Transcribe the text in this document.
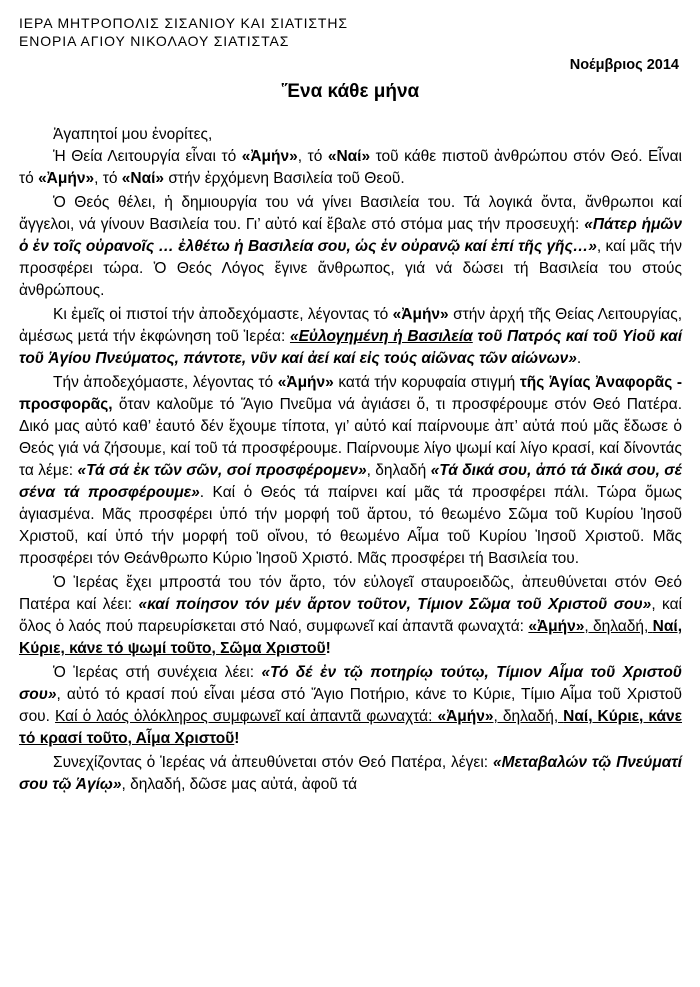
ΙΕΡΑ ΜΗΤΡΟΠΟΛΙΣ ΣΙΣΑΝΙΟΥ ΚΑΙ ΣΙΑΤΙΣΤΗΣ

ΕΝΟΡΙΑ ΑΓΙΟΥ ΝΙΚΟΛΑΟΥ ΣΙΑΤΙΣΤΑΣ

Νοέμβριος 2014
Ἕνα κάθε μήνα

Ἀγαπητοί μου ἐνορίτες,

Ἡ Θεία Λειτουργία εἶναι τό «Ἀμήν», τό «Ναί» τοῦ κάθε πιστοῦ ἀνθρώπου στόν Θεό. Εἶναι τό «Ἀμήν», τό «Ναί» στήν ἐρχόμενη Βασιλεία τοῦ Θεοῦ.

Ὁ Θεός θέλει, ἡ δημιουργία του νά γίνει Βασιλεία του. Τά λογικά ὄντα, ἄνθρωποι καί ἄγγελοι, νά γίνουν Βασιλεία του. Γι’ αὐτό καί ἔβαλε στό στόμα μας τήν προσευχή: «Πάτερ ἡμῶν ὁ ἐν τοῖς οὐρανοῖς … ἐλθέτω ἡ Βασιλεία σου, ὡς ἐν οὐρανῷ καί ἐπί τῆς γῆς…», καί μᾶς τήν προσφέρει τώρα. Ὁ Θεός Λόγος ἔγινε ἄνθρωπος, γιά νά δώσει τή Βασιλεία του στούς ἀνθρώπους.

Κι ἐμεῖς οἱ πιστοί τήν ἀποδεχόμαστε, λέγοντας τό «Ἀμήν» στήν ἀρχή τῆς Θείας Λειτουργίας, ἀμέσως μετά τήν ἐκφώνηση τοῦ Ἱερέα: «Εὐλογημένη ἡ Βασιλεία τοῦ Πατρός καί τοῦ Υἱοῦ καί τοῦ Ἁγίου Πνεύματος, πάντοτε, νῦν καί ἀεί καί εἰς τούς αἰῶνας τῶν αἰώνων».

Τήν ἀποδεχόμαστε, λέγοντας τό «Ἀμήν» κατά τήν κορυφαία στιγμή τῆς Ἁγίας Ἀναφορᾶς - προσφορᾶς, ὅταν καλοῦμε τό Ἅγιο Πνεῦμα νά ἁγιάσει ὅ, τι προσφέρουμε στόν Θεό Πατέρα. Δικό μας αὐτό καθ’ ἑαυτό δέν ἔχουμε τίποτα, γι’ αὐτό καί παίρνουμε ἀπ’ αὐτά πού μᾶς ἔδωσε ὁ Θεός γιά νά ζήσουμε, καί τοῦ τά προσφέρουμε. Παίρνουμε λίγο ψωμί καί λίγο κρασί, καί δίνοντάς τα λέμε: «Τά σά ἐκ τῶν σῶν, σοί προσφέρομεν», δηλαδή «Τά δικά σου, ἀπό τά δικά σου, σέ σένα τά προσφέρουμε». Καί ὁ Θεός τά παίρνει καί μᾶς τά προσφέρει πάλι. Τώρα ὅμως ἁγιασμένα. Μᾶς προσφέρει ὑπό τήν μορφή τοῦ ἄρτου, τό θεωμένο Σῶμα τοῦ Κυρίου Ἰησοῦ Χριστοῦ, καί ὑπό τήν μορφή τοῦ οἴνου, τό θεωμένο Αἷμα τοῦ Κυρίου Ἰησοῦ Χριστοῦ. Μᾶς προσφέρει τόν Θεάνθρωπο Κύριο Ἰησοῦ Χριστό. Μᾶς προσφέρει τή Βασιλεία του.

Ὁ Ἱερέας ἔχει μπροστά του τόν ἄρτο, τόν εὐλογεῖ σταυροειδῶς, ἀπευθύνεται στόν Θεό Πατέρα καί λέει: «καί ποίησον τόν μέν ἄρτον τοῦτον, Τίμιον Σῶμα τοῦ Χριστοῦ σου», καί ὅλος ὁ λαός πού παρευρίσκεται στό Ναό, συμφωνεῖ καί ἀπαντᾶ φωναχτά: «Ἀμήν», δηλαδή, Ναί, Κύριε, κάνε τό ψωμί τοῦτο, Σῶμα Χριστοῦ!

Ὁ Ἱερέας στή συνέχεια λέει: «Τό δέ ἐν τῷ ποτηρίῳ τούτῳ, Τίμιον Αἷμα τοῦ Χριστοῦ σου», αὐτό τό κρασί πού εἶναι μέσα στό Ἅγιο Ποτήριο, κάνε το Κύριε, Τίμιο Αἷμα τοῦ Χριστοῦ σου. Καί ὁ λαός ὁλόκληρος συμφωνεῖ καί ἀπαντᾶ φωναχτά: «Ἀμήν», δηλαδή, Ναί, Κύριε, κάνε τό κρασί τοῦτο, Αἷμα Χριστοῦ!

Συνεχίζοντας ὁ Ἱερέας νά ἀπευθύνεται στόν Θεό Πατέρα, λέγει: «Μεταβαλών τῷ Πνεύματί σου τῷ Ἁγίῳ», δηλαδή, δῶσε μας αὐτά, ἀφοῦ τά
